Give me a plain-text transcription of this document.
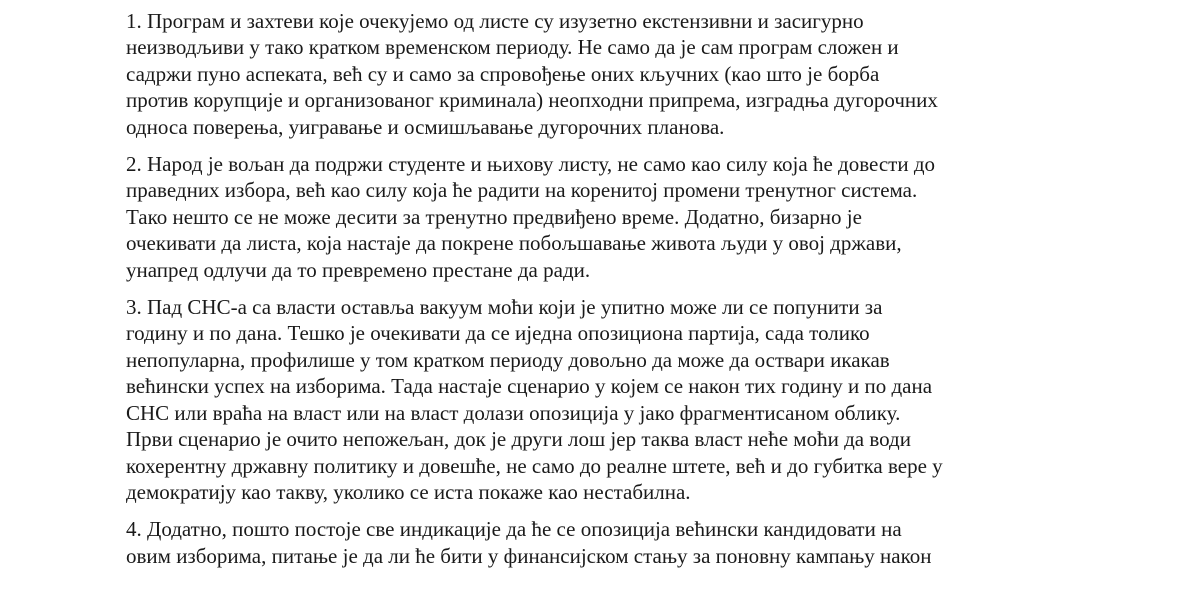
1. Програм и захтеви које очекујемо од листе су изузетно екстензивни и засигурно
неизводљиви у тако кратком временском периоду. Не само да је сам програм сложен и
садржи пуно аспеката, већ су и само за спровођење оних кључних (као што је борба
против корупције и организованог криминала) неопходни припрема, изградња дугорочних
односа поверења, уигравање и осмишљавање дугорочних планова.

2. Народ је вољан да подржи студенте и њихову листу, не само као силу која ће довести до
праведних избора, већ као силу која ће радити на коренитој промени тренутног система.
Тако нешто се не може десити за тренутно предвиђено време. Додатно, бизарно је
очекивати да листа, која настаје да покрене побољшавање живота људи у овој држави,
унапред одлучи да то превремено престане да ради.

3. Пад СНС-а са власти оставља вакуум моћи који је упитно може ли се попунити за
годину и по дана. Тешко је очекивати да се иједна опозициона партија, сада толико
непопуларна, профилише у том кратком периоду довољно да може да оствари икакав
већински успех на изборима. Тада настаје сценарио у којем се након тих годину и по дана
СНС или враћа на власт или на власт долази опозиција у јако фрагментисаном облику.
Први сценарио је очито непожељан, док је други лош јер таква власт неће моћи да води
кохерентну државну политику и довешће, не само до реалне штете, већ и до губитка вере у
демократију као такву, уколико се иста покаже као нестабилна.

4. Додатно, пошто постоје све индикације да ће се опозиција већински кандидовати на
овим изборима, питање је да ли ће бити у финансијском стању за поновну кампању након
